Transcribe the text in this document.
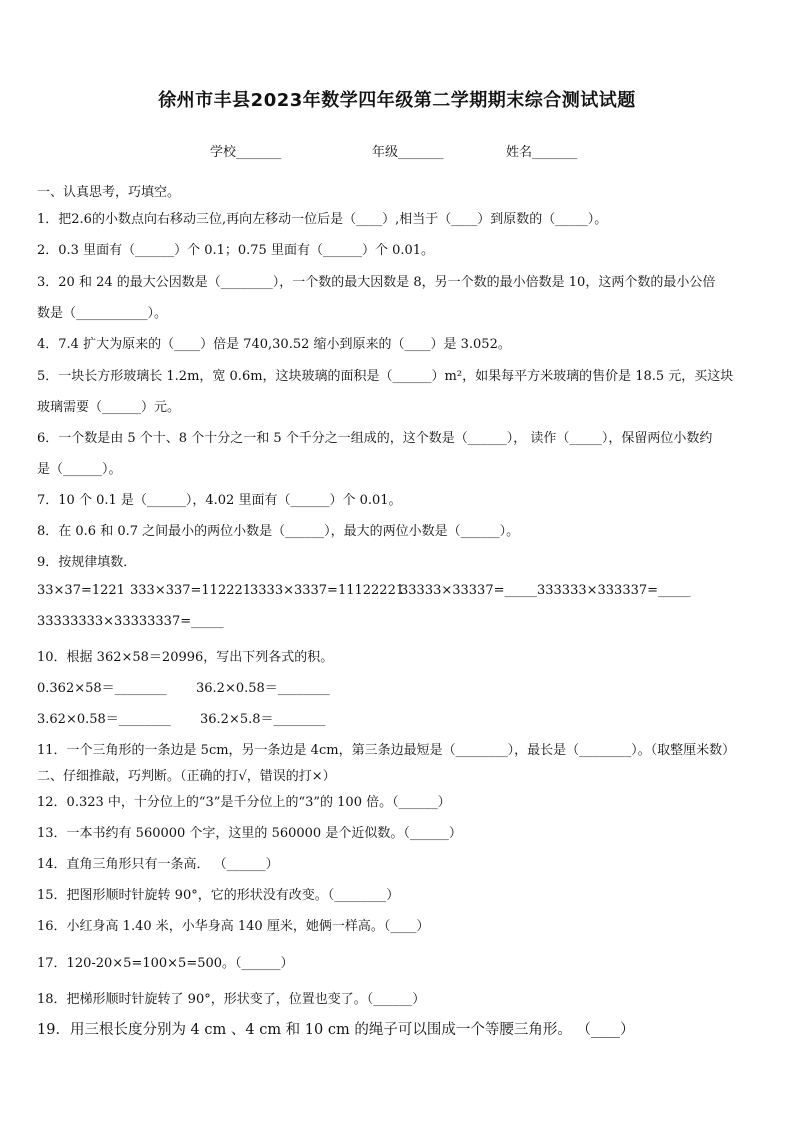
徐州市丰县2023年数学四年级第二学期期末综合测试试题
学校_______	年级_______	姓名_______
一、认真思考，巧填空。
1．把2.6的小数点向右移动三位,再向左移动一位后是（____）,相当于（____）到原数的（_____）。
2．0.3 里面有（______）个 0.1；0.75 里面有（______）个 0.01。
3．20 和 24 的最大公因数是（________），一个数的最大因数是 8，另一个数的最小倍数是 10，这两个数的最小公倍
数是（___________）。
4．7.4 扩大为原来的（____）倍是 740,30.52 缩小到原来的（____）是 3.052。
5．一块长方形玻璃长 1.2m，宽 0.6m，这块玻璃的面积是（______）m²，如果每平方米玻璃的售价是 18.5 元，买这块
玻璃需要（______）元。
6．一个数是由 5 个十、8 个十分之一和 5 个千分之一组成的，这个数是（______）， 读作（_____），保留两位小数约
是（______）。
7．10 个 0.1 是（______），4.02 里面有（______）个 0.01。
8．在 0.6 和 0.7 之间最小的两位小数是（______），最大的两位小数是（______）。
9．按规律填数．
33×37=1221 333×337=112221
3333×3337=11122221
33333×33337=_____333333×333337=_____
33333333×33333337=_____
10．根据 362×58＝20996，写出下列各式的积。
0.362×58＝________ 36.2×0.58＝________
3.62×0.58＝________ 36.2×5.8＝________
11．一个三角形的一条边是 5cm，另一条边是 4cm，第三条边最短是（________），最长是（________）。（取整厘米数）
二、仔细推敲，巧判断。（正确的打√，错误的打×）
12．0.323 中，十分位上的“3”是千分位上的“3”的 100 倍。（______）
13．一本书约有 560000 个字，这里的 560000 是个近似数。（______）
14．直角三角形只有一条高． （______）
15．把图形顺时针旋转 90°，它的形状没有改变。（________）
16．小红身高 1.40 米，小华身高 140 厘米，她俩一样高。（____）
17．120-20×5=100×5=500。（______）
18．把梯形顺时针旋转了 90°，形状变了，位置也变了。（______）
19．用三根长度分别为 4 cm 、4 cm 和 10 cm 的绳子可以围成一个等腰三角形。 （____）
